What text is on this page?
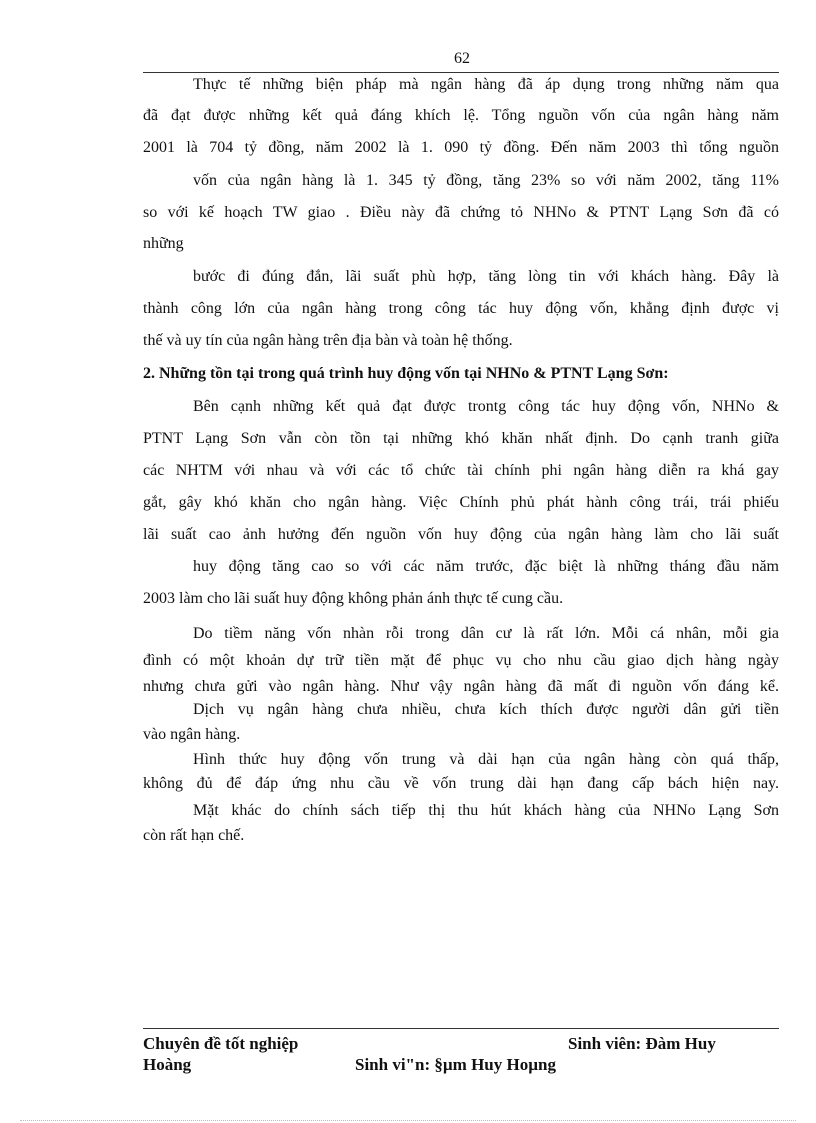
62
Thực tế những biện pháp mà ngân hàng đã áp dụng trong những năm qua
đã đạt được những kết quả đáng khích lệ. Tổng nguồn vốn của ngân hàng năm
2001 là 704 tỷ đồng, năm 2002 là 1. 090 tỷ đồng. Đến năm 2003 thì tổng nguồn
vốn của ngân hàng là 1. 345 tỷ đồng, tăng 23% so với năm 2002, tăng 11%
so với kế hoạch TW giao . Điều này đã chứng tỏ NHNo & PTNT Lạng Sơn đã có
những
bước đi đúng đắn, lãi suất phù hợp, tăng lòng tin với khách hàng. Đây là
thành công lớn của ngân hàng trong công tác huy động vốn, khẳng định được vị
thế và uy tín của ngân hàng trên địa bàn và toàn hệ thống.
2. Những tồn tại trong quá trình huy động vốn tại NHNo & PTNT Lạng Sơn:
Bên cạnh những kết quả đạt được trontg công tác huy động vốn, NHNo &
PTNT Lạng Sơn vẫn còn tồn tại những khó khăn nhất định. Do cạnh tranh giữa
các NHTM với nhau và với các tổ chức tài chính phi ngân hàng diễn ra khá gay
gắt, gây khó khăn cho ngân hàng. Việc Chính phủ phát hành công trái, trái phiếu
lãi suất cao ảnh hưởng đến nguồn vốn huy động của ngân hàng làm cho lãi suất
huy động tăng cao so với các năm trước, đặc biệt là những tháng đầu năm
2003 làm cho lãi suất huy động không phản ánh thực tế cung cầu.
Do tiềm năng vốn nhàn rỗi trong dân cư là rất lớn. Mỗi cá nhân, mỗi gia
đình có một khoản dự trữ tiền mặt để phục vụ cho nhu cầu giao dịch hàng ngày
nhưng chưa gửi vào ngân hàng. Như vậy ngân hàng đã mất đi nguồn vốn đáng kể.
Dịch vụ ngân hàng chưa nhiều, chưa kích thích được người dân gửi tiền
vào ngân hàng.
Hình thức huy động vốn trung và dài hạn của ngân hàng còn quá thấp,
không đủ để đáp ứng nhu cầu về vốn trung dài hạn đang cấp bách hiện nay.
Mặt khác do chính sách tiếp thị thu hút khách hàng của NHNo Lạng Sơn
còn rất hạn chế.
Chuyên đề tốt nghiệp	Sinh viên: Đàm Huy
Hoàng	Sinh vi"n: §µm Huy Hoµng
